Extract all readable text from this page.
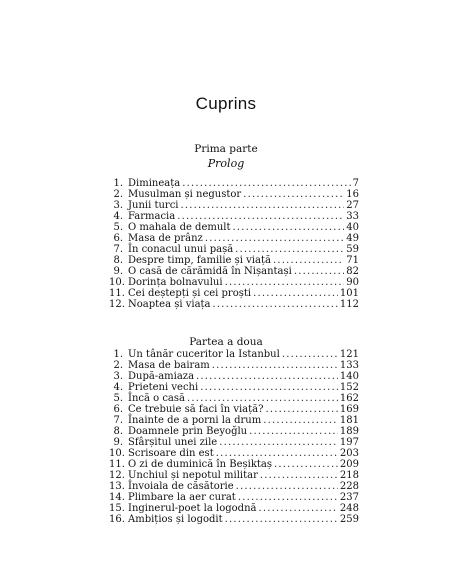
Cuprins
Prima parte
Prolog
1. Dimineața .....	7
2. Musulman și negustor .....	16
3. Junii turci .....	27
4. Farmacia .....	33
5. O mahala de demult .....	40
6. Masa de prânz .....	49
7. În conacul unui pașă .....	59
8. Despre timp, familie și viață .....	71
9. O casă de cărămidă în Nișantași .....	82
10. Dorința bolnavului .....	90
11. Cei deștepți și cei proști .....	101
12. Noaptea și viața .....	112
Partea a doua
1. Un tânăr cuceritor la Istanbul .....	121
2. Masa de bairam .....	133
3. După-amiaza .....	140
4. Prieteni vechi .....	152
5. Încă o casă .....	162
6. Ce trebuie să faci în viață? .....	169
7. Înainte de a porni la drum .....	181
8. Doamnele prin Beyoğlu .....	189
9. Sfârșitul unei zile .....	197
10. Scrisoare din est .....	203
11. O zi de duminică în Beșiktaș .....	209
12. Unchiul și nepotul militar .....	218
13. Învoiala de căsătorie .....	228
14. Plimbare la aer curat .....	237
15. Inginerul-poet la logodnă .....	248
16. Ambițios și logodit .....	259
